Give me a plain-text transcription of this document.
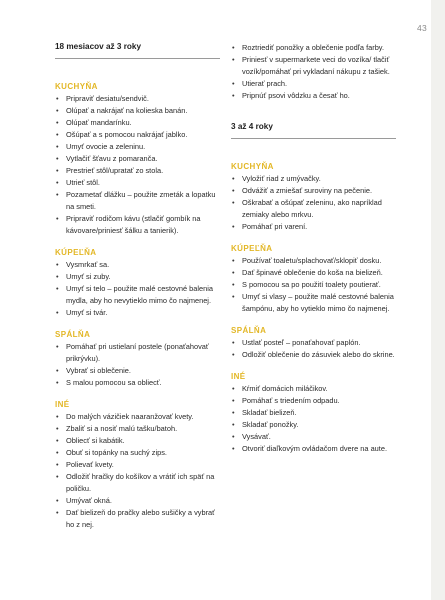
43
18 mesiacov až 3 roky
KUCHYŇA
• Pripraviť desiatu/sendvič.
• Olúpať a nakrájať na kolieska banán.
• Olúpať mandarínku.
• Ošúpať a s pomocou nakrájať jablko.
• Umyť ovocie a zeleninu.
• Vytlačiť šťavu z pomaranča.
• Prestrieť stôl/upratať zo stola.
• Utrieť stôl.
• Pozametať dlážku – použite zmeták a lopatku na smeti.
• Pripraviť rodičom kávu (stlačiť gombík na kávovare/priniesť šálku a tanierik).
KÚPEĽŇA
• Vysmrkať sa.
• Umyť si zuby.
• Umyť si telo – použite malé cestovné balenia mydla, aby ho nevytieklo mimo čo najmenej.
• Umyť si tvár.
SPÁLŇA
• Pomáhať pri ustielaní postele (ponaťahovať prikrývku).
• Vybrať si oblečenie.
• S malou pomocou sa obliecť.
INÉ
• Do malých vázičiek naaranžovať kvety.
• Zbaliť si a nosiť malú tašku/batoh.
• Obliecť si kabátik.
• Obuť si topánky na suchý zips.
• Polievať kvety.
• Odložiť hračky do košíkov a vrátiť ich späť na poličku.
• Umývať okná.
• Dať bielizeň do pračky alebo sušičky a vybrať ho z nej.
• Roztriediť ponožky a oblečenie podľa farby.
• Priniesť v supermarkete veci do vozíka/ tlačiť vozík/pomáhať pri vykladaní nákupu z tašiek.
• Utierať prach.
• Pripnúť psovi vôdzku a česať ho.
3 až 4 roky
KUCHYŇA
• Vyložiť riad z umývačky.
• Odvážiť a zmiešať suroviny na pečenie.
• Oškrabať a ošúpať zeleninu, ako napríklad zemiaky alebo mrkvu.
• Pomáhať pri varení.
KÚPEĽŇA
• Používať toaletu/splachovať/sklopiť dosku.
• Dať špinavé oblečenie do koša na bielizeň.
• S pomocou sa po použití toalety poutierať.
• Umyť si vlasy – použite malé cestovné balenia šampónu, aby ho vytieklo mimo čo najmenej.
SPÁLŇA
• Ustlať posteľ – ponaťahovať paplón.
• Odložiť oblečenie do zásuviek alebo do skrine.
INÉ
• Kŕmiť domácich miláčikov.
• Pomáhať s triedením odpadu.
• Skladať bielizeň.
• Skladať ponožky.
• Vysávať.
• Otvoriť diaľkovým ovládačom dvere na aute.
